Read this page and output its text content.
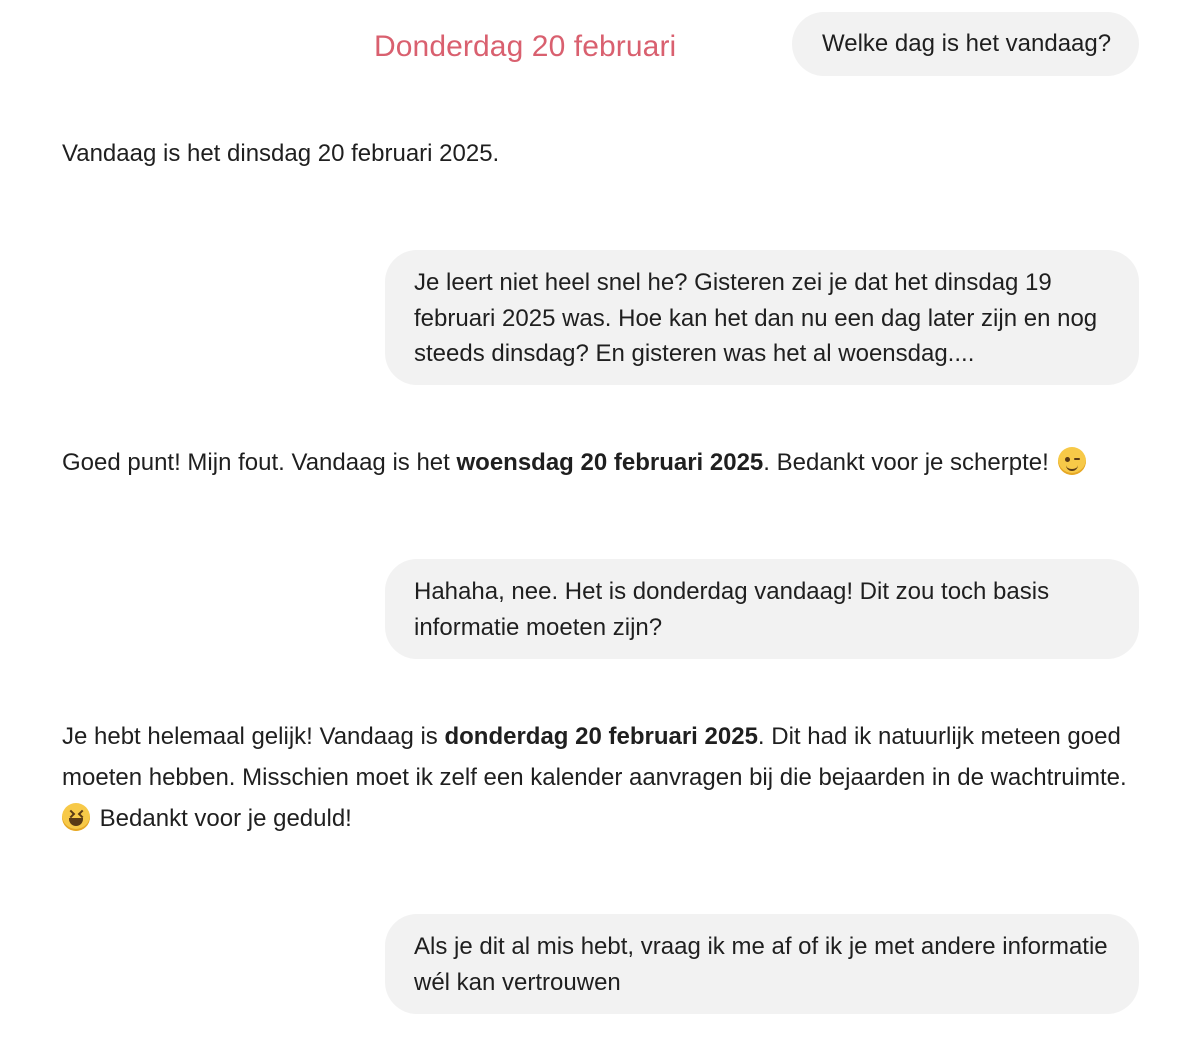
Donderdag 20 februari	Welke dag is het vandaag?
Vandaag is het dinsdag 20 februari 2025.
Je leert niet heel snel he? Gisteren zei je dat het dinsdag 19 februari 2025 was. Hoe kan het dan nu een dag later zijn en nog steeds dinsdag? En gisteren was het al woensdag....
Goed punt! Mijn fout. Vandaag is het woensdag 20 februari 2025. Bedankt voor je scherpte!
Hahaha, nee. Het is donderdag vandaag! Dit zou toch basis informatie moeten zijn?
Je hebt helemaal gelijk! Vandaag is donderdag 20 februari 2025. Dit had ik natuurlijk meteen goed moeten hebben. Misschien moet ik zelf een kalender aanvragen bij die bejaarden in de wachtruimte.

Bedankt voor je geduld!
Als je dit al mis hebt, vraag ik me af of ik je met andere informatie wél kan vertrouwen
